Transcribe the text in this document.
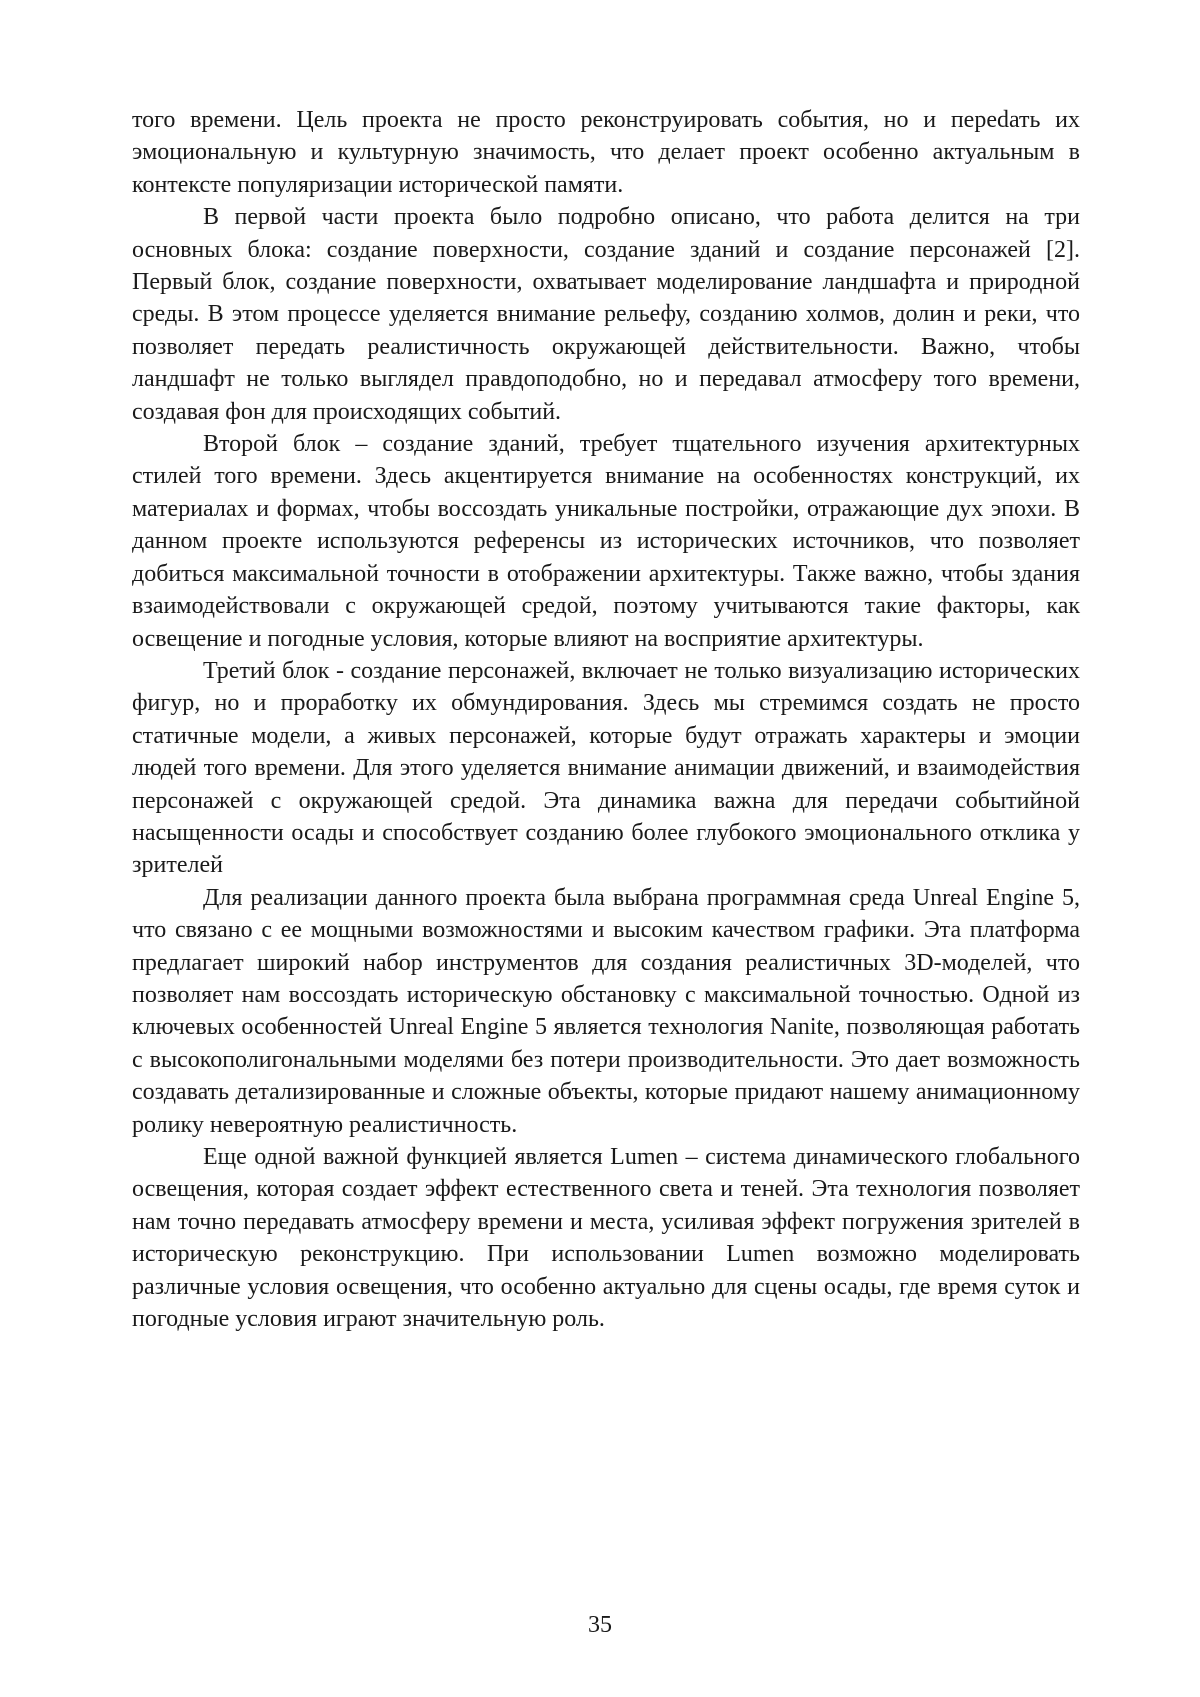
того времени. Цель проекта не просто реконструировать события, но и переdать их эмоциональную и культурную значимость, что делает проект особенно актуальным в контексте популяризации исторической памяти.

В первой части проекта было подробно описано, что работа делится на три основных блока: создание поверхности, создание зданий и создание персонажей [2]. Первый блок, создание поверхности, охватывает моделирование ландшафта и природной среды. В этом процессе уделяется внимание рельефу, созданию холмов, долин и реки, что позволяет передать реалистичность окружающей действительности. Важно, чтобы ландшафт не только выглядел правдоподобно, но и передавал атмосферу того времени, создавая фон для происходящих событий.

Второй блок – создание зданий, требует тщательного изучения архитектурных стилей того времени. Здесь акцентируется внимание на особенностях конструкций, их материалах и формах, чтобы воссоздать уникальные постройки, отражающие дух эпохи. В данном проекте используются референсы из исторических источников, что позволяет добиться максимальной точности в отображении архитектуры. Также важно, чтобы здания взаимодействовали с окружающей средой, поэтому учитываются такие факторы, как освещение и погодные условия, которые влияют на восприятие архитектуры.

Третий блок - создание персонажей, включает не только визуализацию исторических фигур, но и проработку их обмундирования. Здесь мы стремимся создать не просто статичные модели, а живых персонажей, которые будут отражать характеры и эмоции людей того времени. Для этого уделяется внимание анимации движений, и взаимодействия персонажей с окружающей средой. Эта динамика важна для передачи событийной насыщенности осады и способствует созданию более глубокого эмоционального отклика у зрителей

Для реализации данного проекта была выбрана программная среда Unreal Engine 5, что связано с ее мощными возможностями и высоким качеством графики. Эта платформа предлагает широкий набор инструментов для создания реалистичных 3D-моделей, что позволяет нам воссоздать историческую обстановку с максимальной точностью. Одной из ключевых особенностей Unreal Engine 5 является технология Nanite, позволяющая работать с высокополигональными моделями без потери производительности. Это дает возможность создавать детализированные и сложные объекты, которые придают нашему анимационному ролику невероятную реалистичность.

Еще одной важной функцией является Lumen – система динамического глобального освещения, которая создает эффект естественного света и теней. Эта технология позволяет нам точно передавать атмосферу времени и места, усиливая эффект погружения зрителей в историческую реконструкцию. При использовании Lumen возможно моделировать различные условия освещения, что особенно актуально для сцены осады, где время суток и погодные условия играют значительную роль.

35
